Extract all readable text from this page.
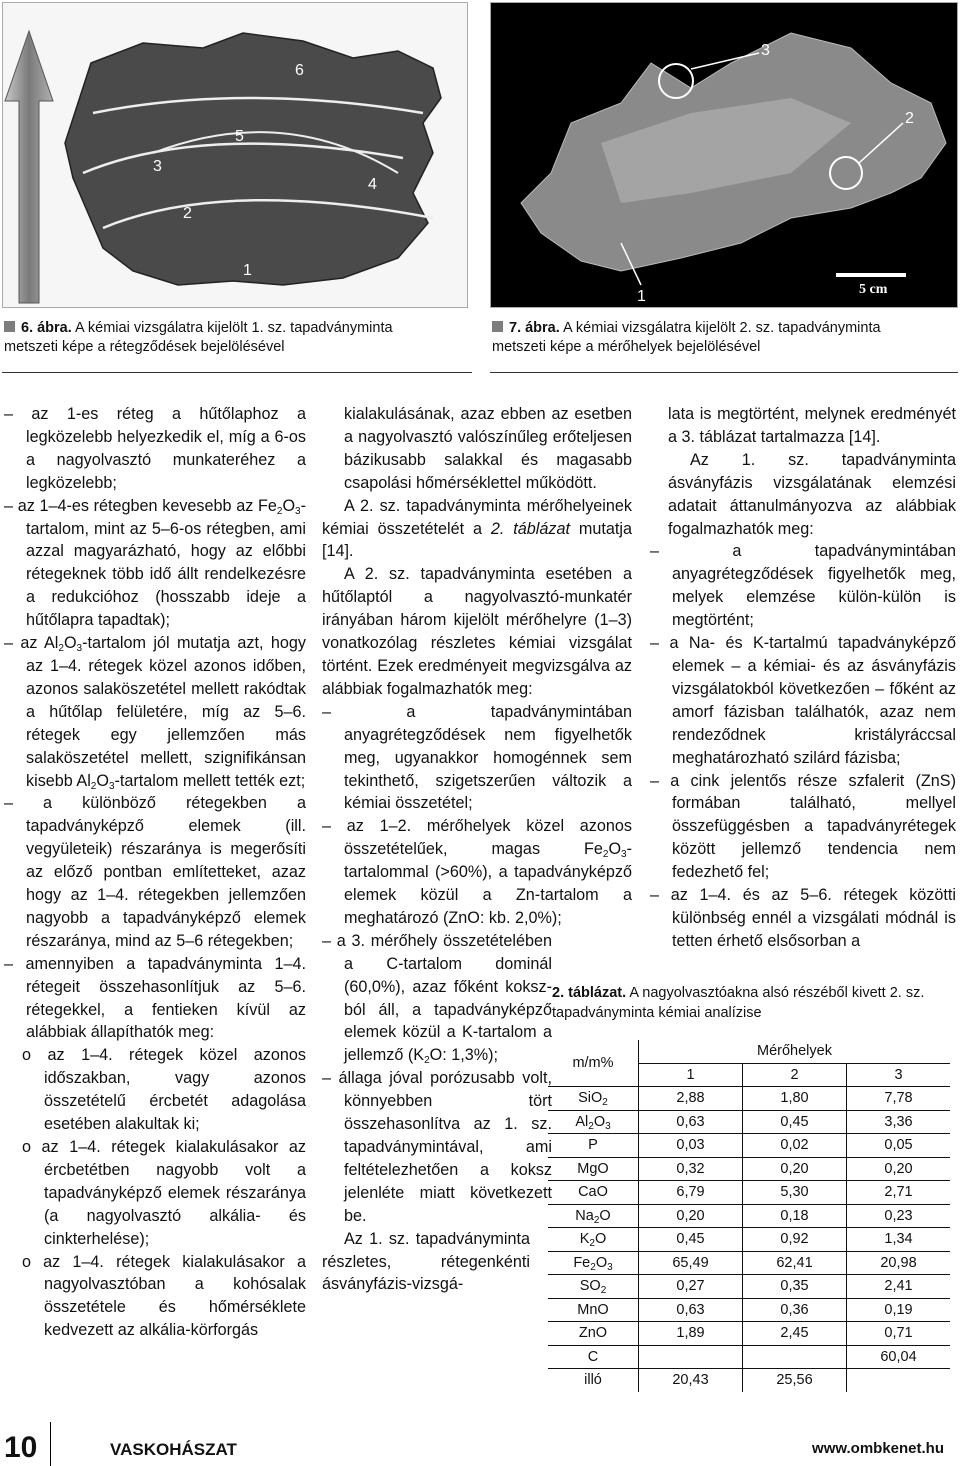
1
2
3
4
5
6
6. ábra. A kémiai vizsgálatra kijelölt 1. sz. tapadványminta
metszeti képe a rétegződések bejelölésével
1
2
3
5 cm
7. ábra. A kémiai vizsgálatra kijelölt 2. sz. tapadványminta
metszeti képe a mérőhelyek bejelölésével

– az 1-es réteg a hűtőlaphoz a legközelebb helyezkedik el, míg a 6-os a nagyolvasztó munkateréhez a legközelebb;

– az 1–4-es rétegben kevesebb az $Fe_2O_3$-tartalom, mint az 5–6-os rétegben, ami azzal magyarázható, hogy az előbbi rétegeknek több idő állt rendelkezésre a redukcióhoz (hosszabb ideje a hűtőlapra tapadtak);

– az $Al_2O_3$-tartalom jól mutatja azt, hogy az 1–4. rétegek közel azonos időben, azonos salaköszetétel mellett rakódtak a hűtőlap felületére, míg az 5–6. rétegek egy jellemzően más salaköszetétel mellett, szignifikánsan kisebb $Al_2O_3$-tartalom mellett tették ezt;

– a különböző rétegekben a tapadványképző elemek (ill. vegyületeik) részaránya is megerősíti az előző pontban említetteket, azaz hogy az 1–4. rétegekben jellemzően nagyobb a tapadványképző elemek részaránya, mind az 5–6 rétegekben;

– amennyiben a tapadványminta 1–4. rétegeit összehasonlítjuk az 5–6. rétegekkel, a fentieken kívül az alábbiak állapíthatók meg:

o az 1–4. rétegek közel azonos időszakban, vagy azonos összetételű ércbetét adagolása esetében alakultak ki;

o az 1–4. rétegek kialakulásakor az ércbetétben nagyobb volt a tapadványképző elemek részaránya (a nagyolvasztó alkália- és cinkterhelése);

o az 1–4. rétegek kialakulásakor a nagyolvasztóban a kohósalak összetétele és hőmérséklete kedvezett az alkália-körforgás

kialakulásának, azaz ebben az esetben a nagyolvasztó valószínűleg erőteljesen bázikusabb salakkal és magasabb csapolási hőmérséklettel működött.

A 2. sz. tapadványminta mérőhelyeinek kémiai összetételét a 2. táblázat mutatja [14].

A 2. sz. tapadványminta esetében a hűtőlaptól a nagyolvasztó-munkatér irányában három kijelölt mérőhelyre (1–3) vonatkozólag részletes kémiai vizsgálat történt. Ezek eredményeit megvizsgálva az alábbiak fogalmazhatók meg:

– a tapadványmintában anyagrétegződések nem figyelhetők meg, ugyanakkor homogénnek sem tekinthető, szigetszerűen változik a kémiai összetétel;

– az 1–2. mérőhelyek közel azonos összetételűek, magas $Fe_2O_3$-tartalommal (>60%), a tapadványképző elemek közül a Zn-tartalom a meghatározó (ZnO: kb. 2,0%);

– a 3. mérőhely összetételében a C-tartalom dominál (60,0%), azaz főként kokszból áll, a tapadványképző elemek közül a K-tartalom a jellemző ($K_2O$: 1,3%);

– állaga jóval porózusabb volt, könnyebben tört összehasonlítva az 1. sz. tapadványmintával, ami feltételezhetően a koksz jelenléte miatt következett be.

Az 1. sz. tapadványminta részletes, rétegenkénti ásványfázis-vizsgá-

lata is megtörtént, melynek eredményét a 3. táblázat tartalmazza [14].

Az 1. sz. tapadványminta ásványfázis vizsgálatának elemzési adatait áttanulmányozva az alábbiak fogalmazhatók meg:

– a tapadványmintában anyagrétegződések figyelhetők meg, melyek elemzése külön-külön is megtörtént;

– a Na- és K-tartalmú tapadványképző elemek – a kémiai- és az ásványfázis vizsgálatokból következően – főként az amorf fázisban találhatók, azaz nem rendeződnek kristályráccsal meghatározható szilárd fázisba;

– a cink jelentős része szfalerit (ZnS) formában található, mellyel összefüggésben a tapadványrétegek között jellemző tendencia nem fedezhető fel;

– az 1–4. és az 5–6. rétegek közötti különbség ennél a vizsgálati módnál is tetten érhető elsősorban a

2. táblázat. A nagyolvasztóakna alsó részéből kivett 2. sz. tapadványminta kémiai analízise
m/m%	Mérőhelyek		
	1	2	3
SiO$_2$	2,88	1,80	7,78
$Al_2O_3$	0,63	0,45	3,36
P	0,03	0,02	0,05
MgO	0,32	0,20	0,20
CaO	6,79	5,30	2,71
$Na_2O$	0,20	0,18	0,23
$K_2O$	0,45	0,92	1,34
$Fe_2O_3$	65,49	62,41	20,98
$SO_2$	0,27	0,35	2,41
MnO	0,63	0,36	0,19
ZnO	1,89	2,45	0,71
C			60,04
illó	20,43	25,56	
10	VASKOHÁSZAT	www.ombkenet.hu
